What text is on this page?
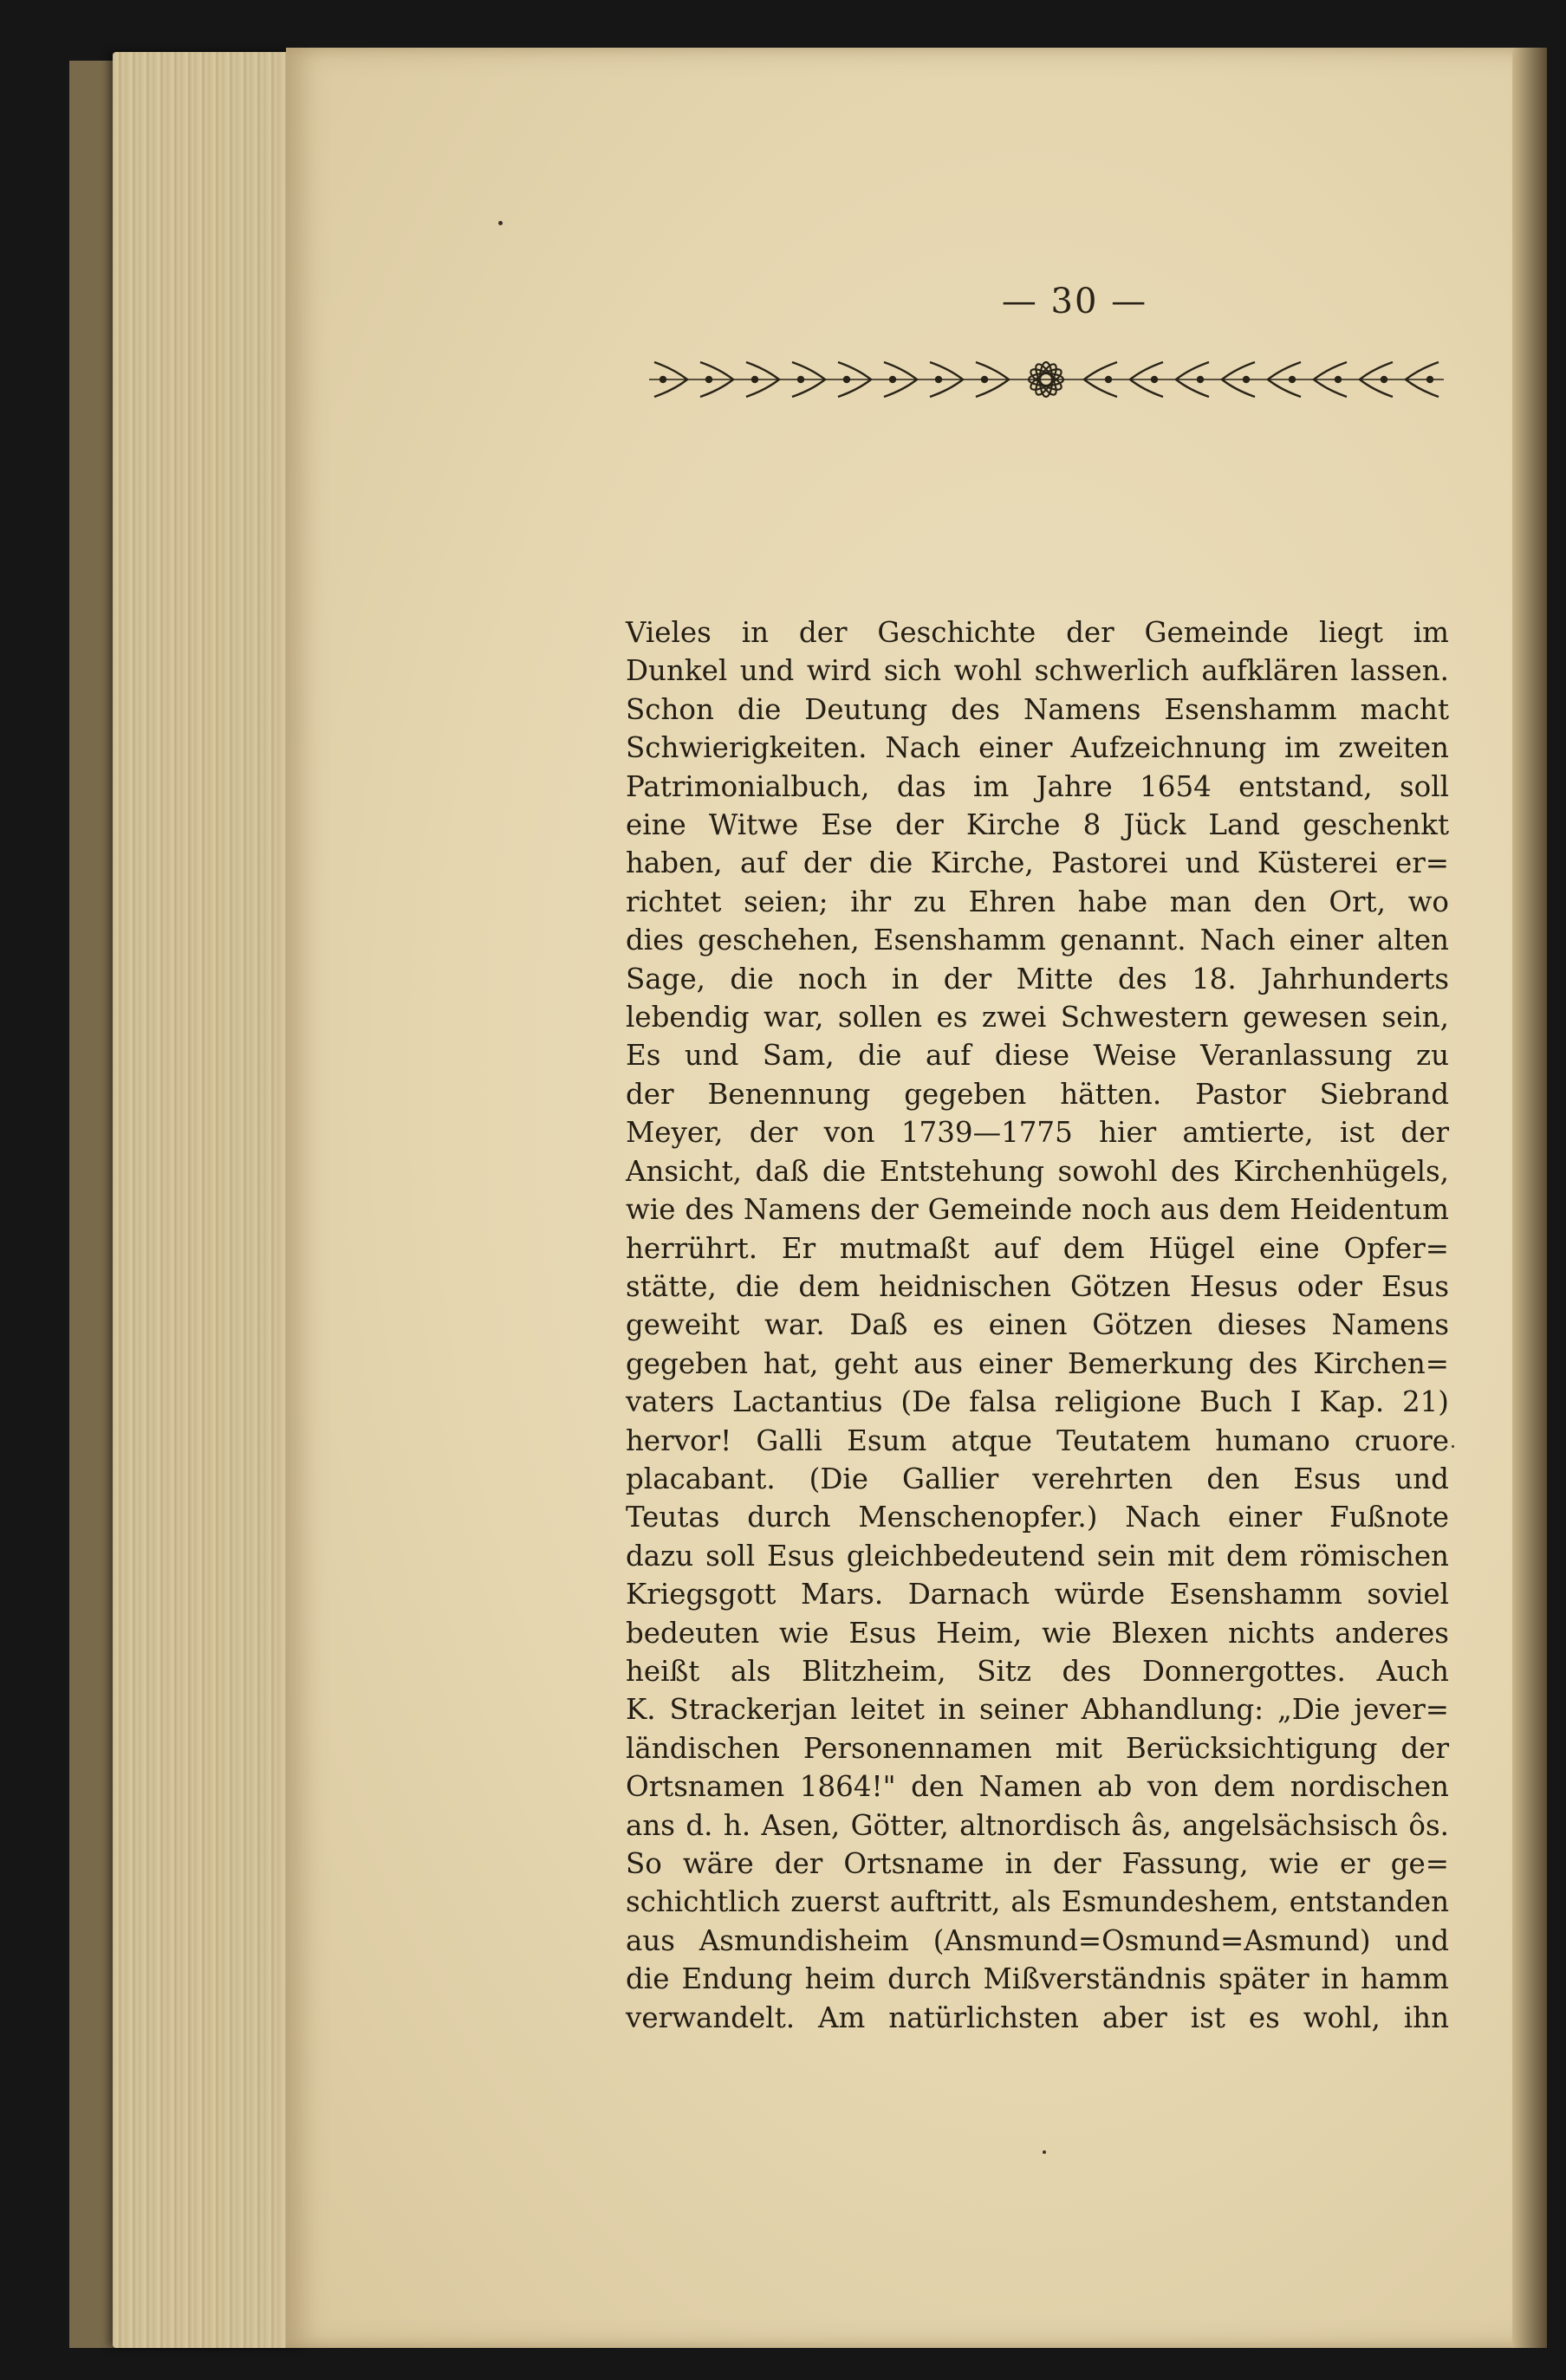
— 30 —
Vieles in der Geschichte der Gemeinde liegt im
Dunkel und wird sich wohl schwerlich aufklären lassen.
Schon die Deutung des Namens Esenshamm macht
Schwierigkeiten. Nach einer Aufzeichnung im zweiten
Patrimonialbuch, das im Jahre 1654 entstand, soll
eine Witwe Ese der Kirche 8 Jück Land geschenkt
haben, auf der die Kirche, Pastorei und Küsterei er=
richtet seien; ihr zu Ehren habe man den Ort, wo
dies geschehen, Esenshamm genannt. Nach einer alten
Sage, die noch in der Mitte des 18. Jahrhunderts
lebendig war, sollen es zwei Schwestern gewesen sein,
Es und Sam, die auf diese Weise Veranlassung zu
der Benennung gegeben hätten. Pastor Siebrand
Meyer, der von 1739—1775 hier amtierte, ist der
Ansicht, daß die Entstehung sowohl des Kirchenhügels,
wie des Namens der Gemeinde noch aus dem Heidentum
herrührt. Er mutmaßt auf dem Hügel eine Opfer=
stätte, die dem heidnischen Götzen Hesus oder Esus
geweiht war. Daß es einen Götzen dieses Namens
gegeben hat, geht aus einer Bemerkung des Kirchen=
vaters Lactantius (De falsa religione Buch I Kap. 21)
hervor! Galli Esum atque Teutatem humano cruore
placabant. (Die Gallier verehrten den Esus und
Teutas durch Menschenopfer.) Nach einer Fußnote
dazu soll Esus gleichbedeutend sein mit dem römischen
Kriegsgott Mars. Darnach würde Esenshamm soviel
bedeuten wie Esus Heim, wie Blexen nichts anderes
heißt als Blitzheim, Sitz des Donnergottes. Auch
K. Strackerjan leitet in seiner Abhandlung: „Die jever=
ländischen Personennamen mit Berücksichtigung der
Ortsnamen 1864!" den Namen ab von dem nordischen
ans d. h. Asen, Götter, altnordisch âs, angelsächsisch ôs.
So wäre der Ortsname in der Fassung, wie er ge=
schichtlich zuerst auftritt, als Esmundeshem, entstanden
aus Asmundisheim (Ansmund=Osmund=Asmund) und
die Endung heim durch Mißverständnis später in hamm
verwandelt. Am natürlichsten aber ist es wohl, ihn
